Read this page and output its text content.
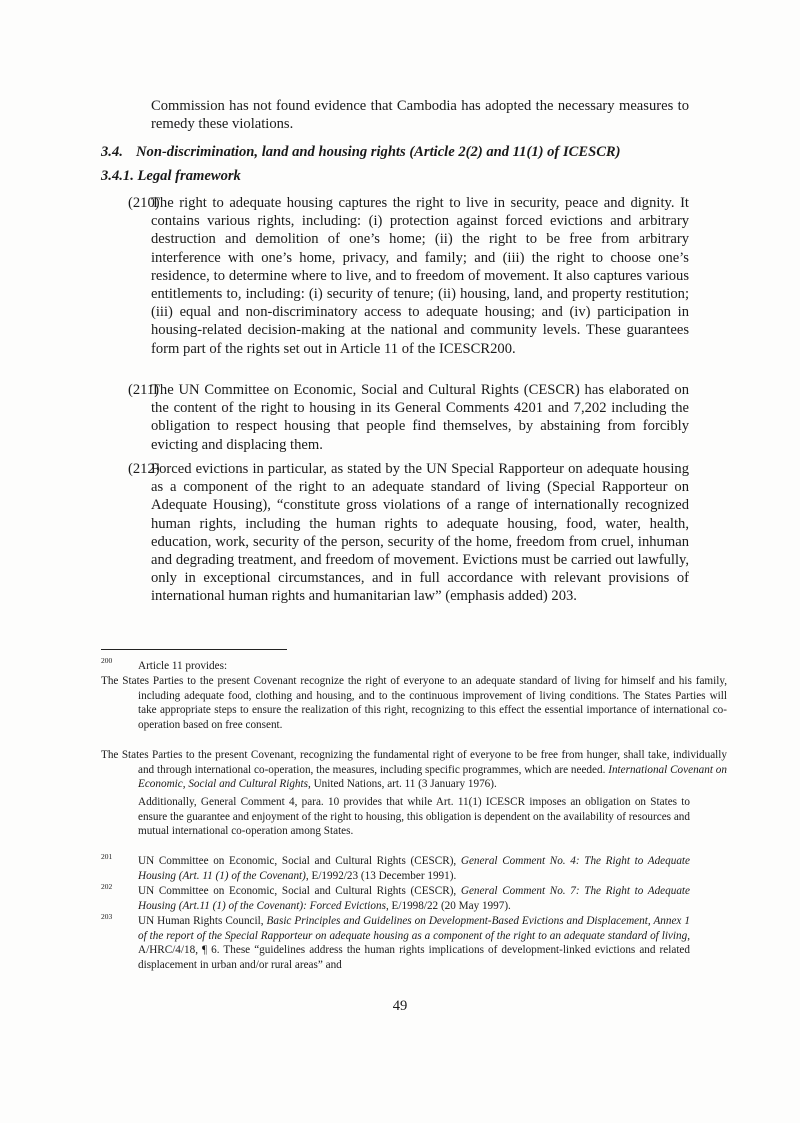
Commission has not found evidence that Cambodia has adopted the necessary measures to remedy these violations.
3.4. Non-discrimination, land and housing rights (Article 2(2) and 11(1) of ICESCR)
3.4.1. Legal framework
(210)
The right to adequate housing captures the right to live in security, peace and dignity. It contains various rights, including: (i) protection against forced evictions and arbitrary destruction and demolition of one’s home; (ii) the right to be free from arbitrary interference with one’s home, privacy, and family; and (iii) the right to choose one’s residence, to determine where to live, and to freedom of movement. It also captures various entitlements to, including: (i) security of tenure; (ii) housing, land, and property restitution; (iii) equal and non-discriminatory access to adequate housing; and (iv) participation in housing-related decision-making at the national and community levels. These guarantees form part of the rights set out in Article 11 of the ICESCR200.
(211)
The UN Committee on Economic, Social and Cultural Rights (CESCR) has elaborated on the content of the right to housing in its General Comments 4201 and 7,202 including the obligation to respect housing that people find themselves, by abstaining from forcibly evicting and displacing them.
(212)
Forced evictions in particular, as stated by the UN Special Rapporteur on adequate housing as a component of the right to an adequate standard of living (Special Rapporteur on Adequate Housing), “constitute gross violations of a range of internationally recognized human rights, including the human rights to adequate housing, food, water, health, education, work, security of the person, security of the home, freedom from cruel, inhuman and degrading treatment, and freedom of movement. Evictions must be carried out lawfully, only in exceptional circumstances, and in full accordance with relevant provisions of international human rights and humanitarian law” (emphasis added) 203.
200 Article 11 provides:
The States Parties to the present Covenant recognize the right of everyone to an adequate standard of living for himself and his family, including adequate food, clothing and housing, and to the continuous improvement of living conditions. The States Parties will take appropriate steps to ensure the realization of this right, recognizing to this effect the essential importance of international co-operation based on free consent.
The States Parties to the present Covenant, recognizing the fundamental right of everyone to be free from hunger, shall take, individually and through international co-operation, the measures, including specific programmes, which are needed. International Covenant on Economic, Social and Cultural Rights, United Nations, art. 11 (3 January 1976).
Additionally, General Comment 4, para. 10 provides that while Art. 11(1) ICESCR imposes an obligation on States to ensure the guarantee and enjoyment of the right to housing, this obligation is dependent on the availability of resources and mutual international co-operation among States.
201 UN Committee on Economic, Social and Cultural Rights (CESCR), General Comment No. 4: The Right to Adequate Housing (Art. 11 (1) of the Covenant), E/1992/23 (13 December 1991).
202 UN Committee on Economic, Social and Cultural Rights (CESCR), General Comment No. 7: The Right to Adequate Housing (Art.11 (1) of the Covenant): Forced Evictions, E/1998/22 (20 May 1997).
203 UN Human Rights Council, Basic Principles and Guidelines on Development-Based Evictions and Displacement, Annex 1 of the report of the Special Rapporteur on adequate housing as a component of the right to an adequate standard of living, A/HRC/4/18, ¶ 6. These “guidelines address the human rights implications of development-linked evictions and related displacement in urban and/or rural areas” and
49
